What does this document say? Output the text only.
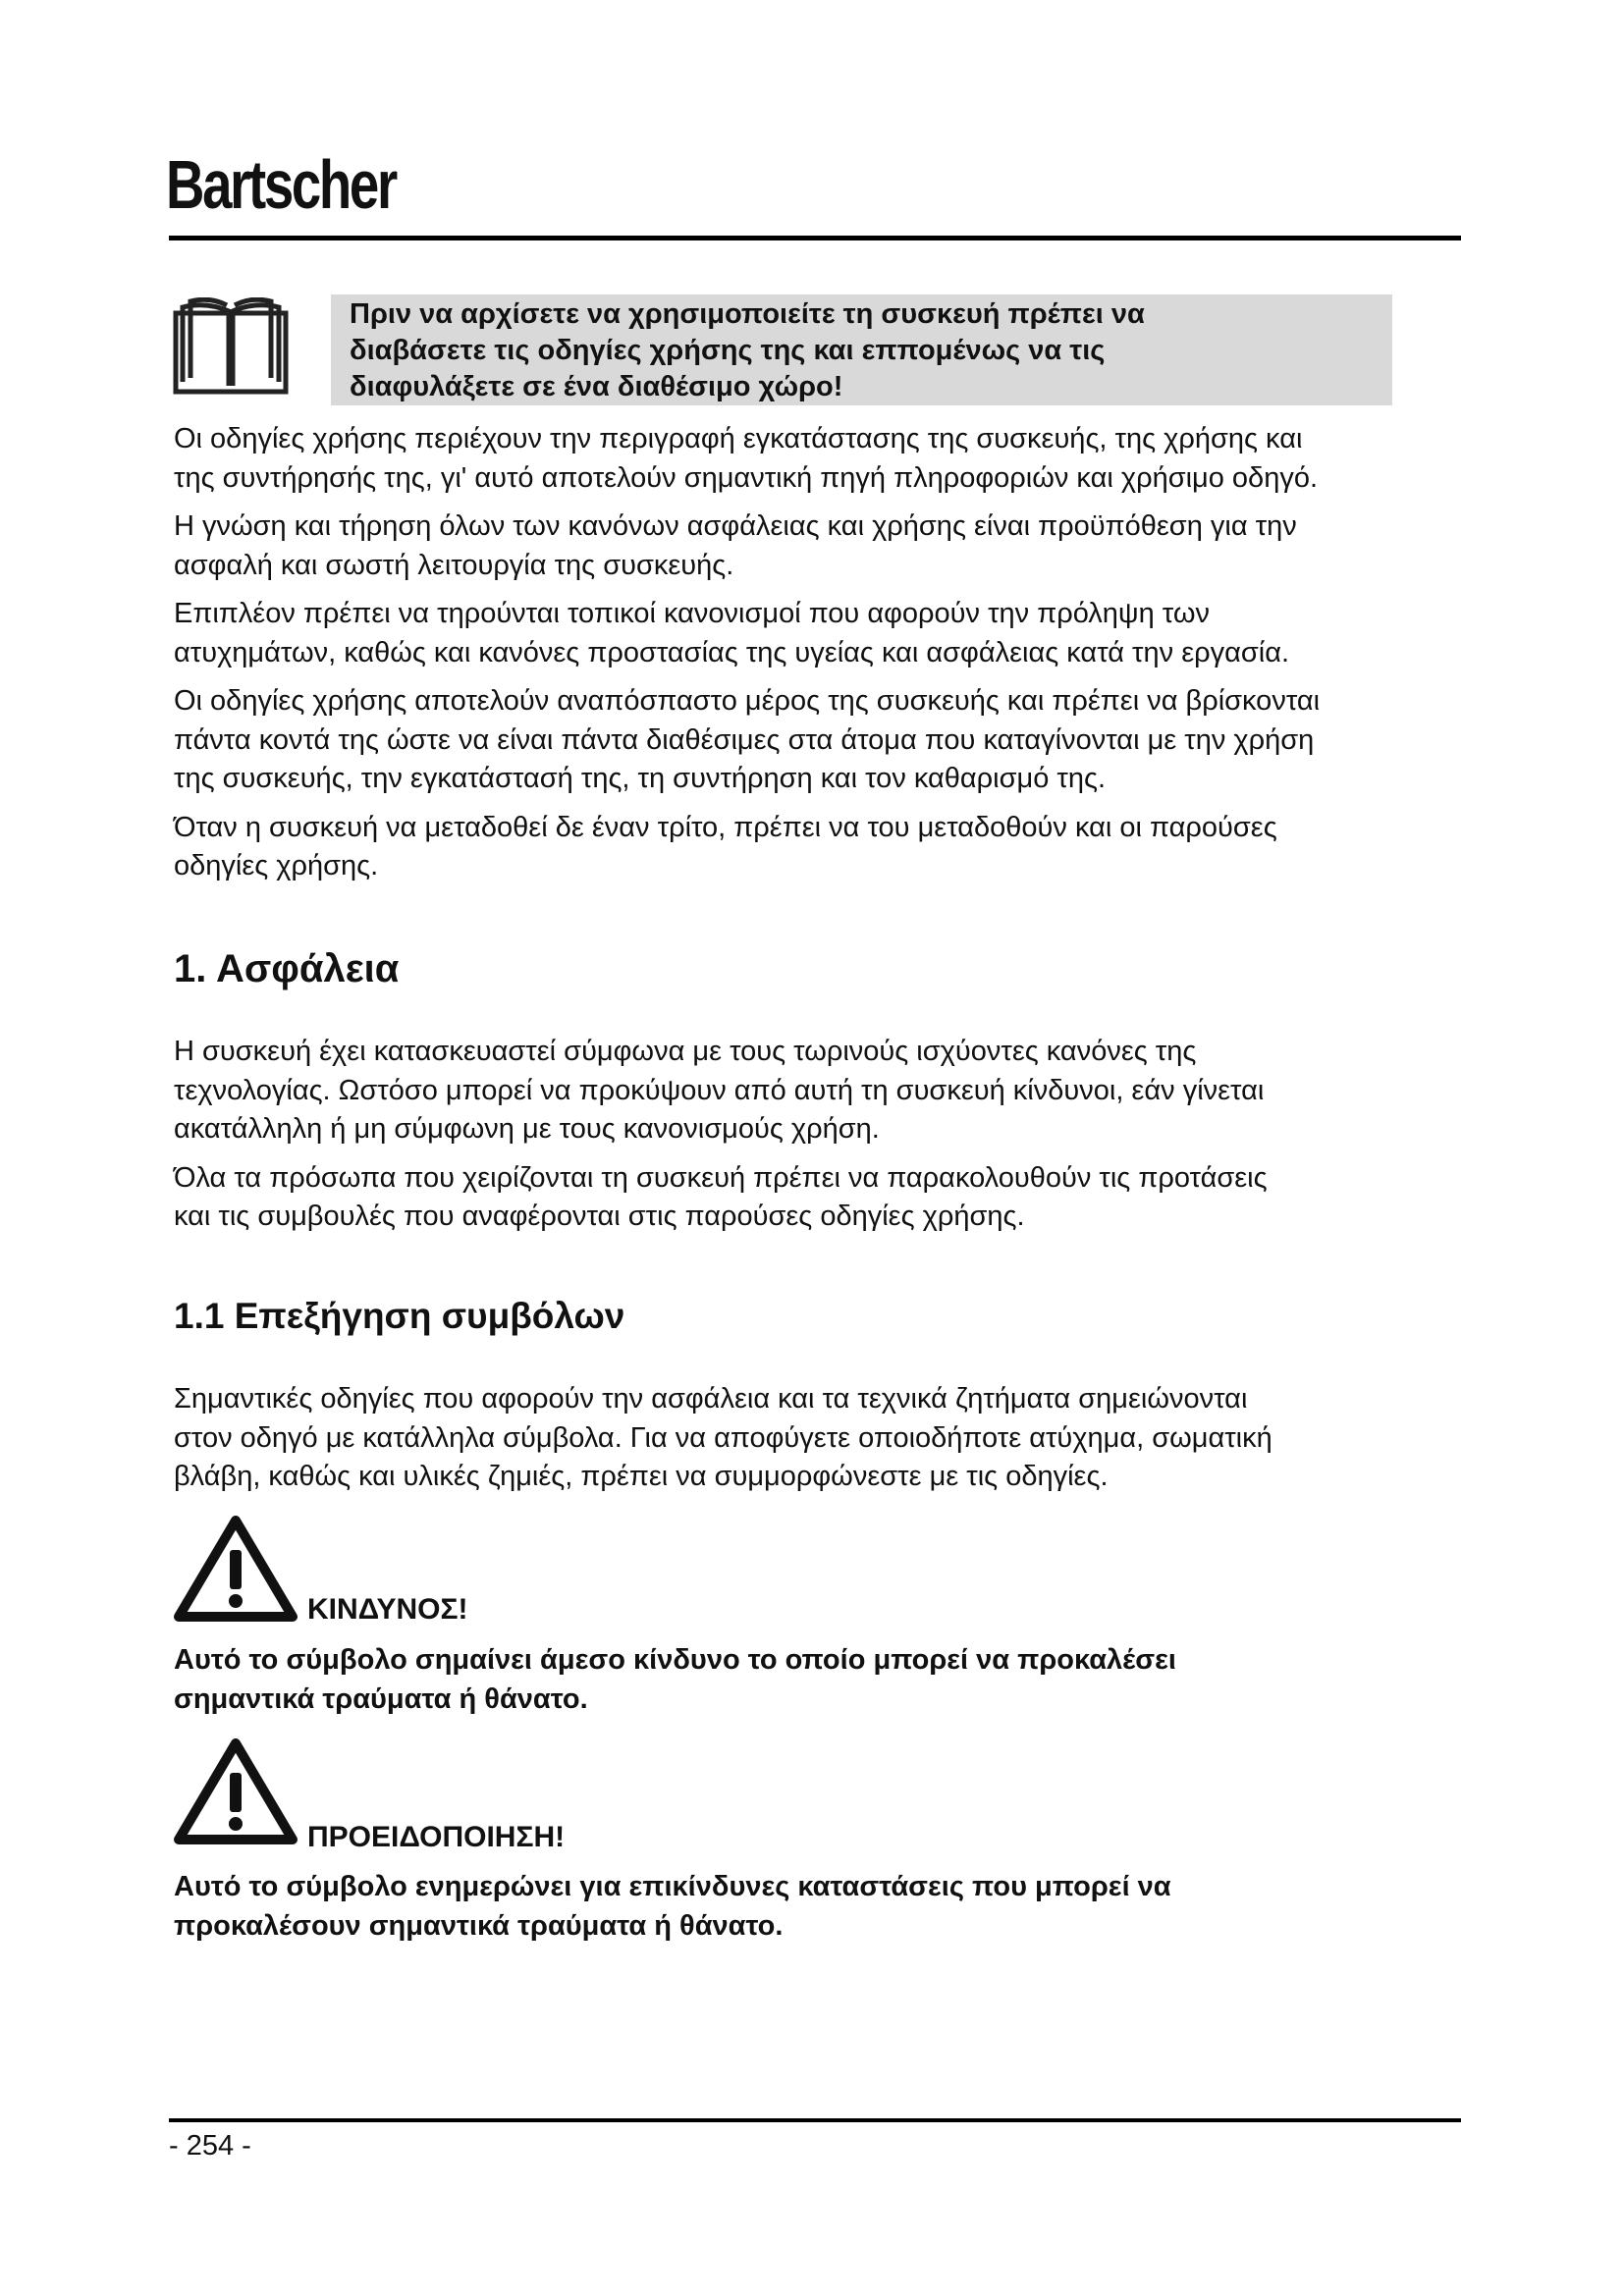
Bartscher
Πριν να αρχίσετε να χρησιμοποιείτε τη συσκευή πρέπει να
διαβάσετε τις οδηγίες χρήσης της και εππομένως να τις
διαφυλάξετε σε ένα διαθέσιμο χώρο!

Οι οδηγίες χρήσης περιέχουν την περιγραφή εγκατάστασης της συσκευής, της χρήσης και
της συντήρησής της, γι' αυτό αποτελούν σημαντική πηγή πληροφοριών και χρήσιμο οδηγό.

Η γνώση και τήρηση όλων των κανόνων ασφάλειας και χρήσης είναι προϋπόθεση για την
ασφαλή και σωστή λειτουργία της συσκευής.

Επιπλέον πρέπει να τηρούνται τοπικοί κανονισμοί που αφορούν την πρόληψη των
ατυχημάτων, καθώς και κανόνες προστασίας της υγείας και ασφάλειας κατά την εργασία.

Οι οδηγίες χρήσης αποτελούν αναπόσπαστο μέρος της συσκευής και πρέπει να βρίσκονται
πάντα κοντά της ώστε να είναι πάντα διαθέσιμες στα άτομα που καταγίνονται με την χρήση
της συσκευής, την εγκατάστασή της, τη συντήρηση και τον καθαρισμό της.

Όταν η συσκευή να μεταδοθεί δε έναν τρίτο, πρέπει να του μεταδοθούν και οι παρούσες
οδηγίες χρήσης.

1. Ασφάλεια

Η συσκευή έχει κατασκευαστεί σύμφωνα με τους τωρινούς ισχύοντες κανόνες της
τεχνολογίας. Ωστόσο μπορεί να προκύψουν από αυτή τη συσκευή κίνδυνοι, εάν γίνεται
ακατάλληλη ή μη σύμφωνη με τους κανονισμούς χρήση.

Όλα τα πρόσωπα που χειρίζονται τη συσκευή πρέπει να παρακολουθούν τις προτάσεις
και τις συμβουλές που αναφέρονται στις παρούσες οδηγίες χρήσης.

1.1 Επεξήγηση συμβόλων

Σημαντικές οδηγίες που αφορούν την ασφάλεια και τα τεχνικά ζητήματα σημειώνονται
στον οδηγό με κατάλληλα σύμβολα. Για να αποφύγετε οποιοδήποτε ατύχημα, σωματική
βλάβη, καθώς και υλικές ζημιές, πρέπει να συμμορφώνεστε με τις οδηγίες.

ΚΙΝΔΥΝΟΣ!
Αυτό το σύμβολο σημαίνει άμεσο κίνδυνο το οποίο μπορεί να προκαλέσει
σημαντικά τραύματα ή θάνατο.
ΠΡΟΕΙΔΟΠΟΙΗΣΗ!
Αυτό το σύμβολο ενημερώνει για επικίνδυνες καταστάσεις που μπορεί να
προκαλέσουν σημαντικά τραύματα ή θάνατο.
- 254 -
